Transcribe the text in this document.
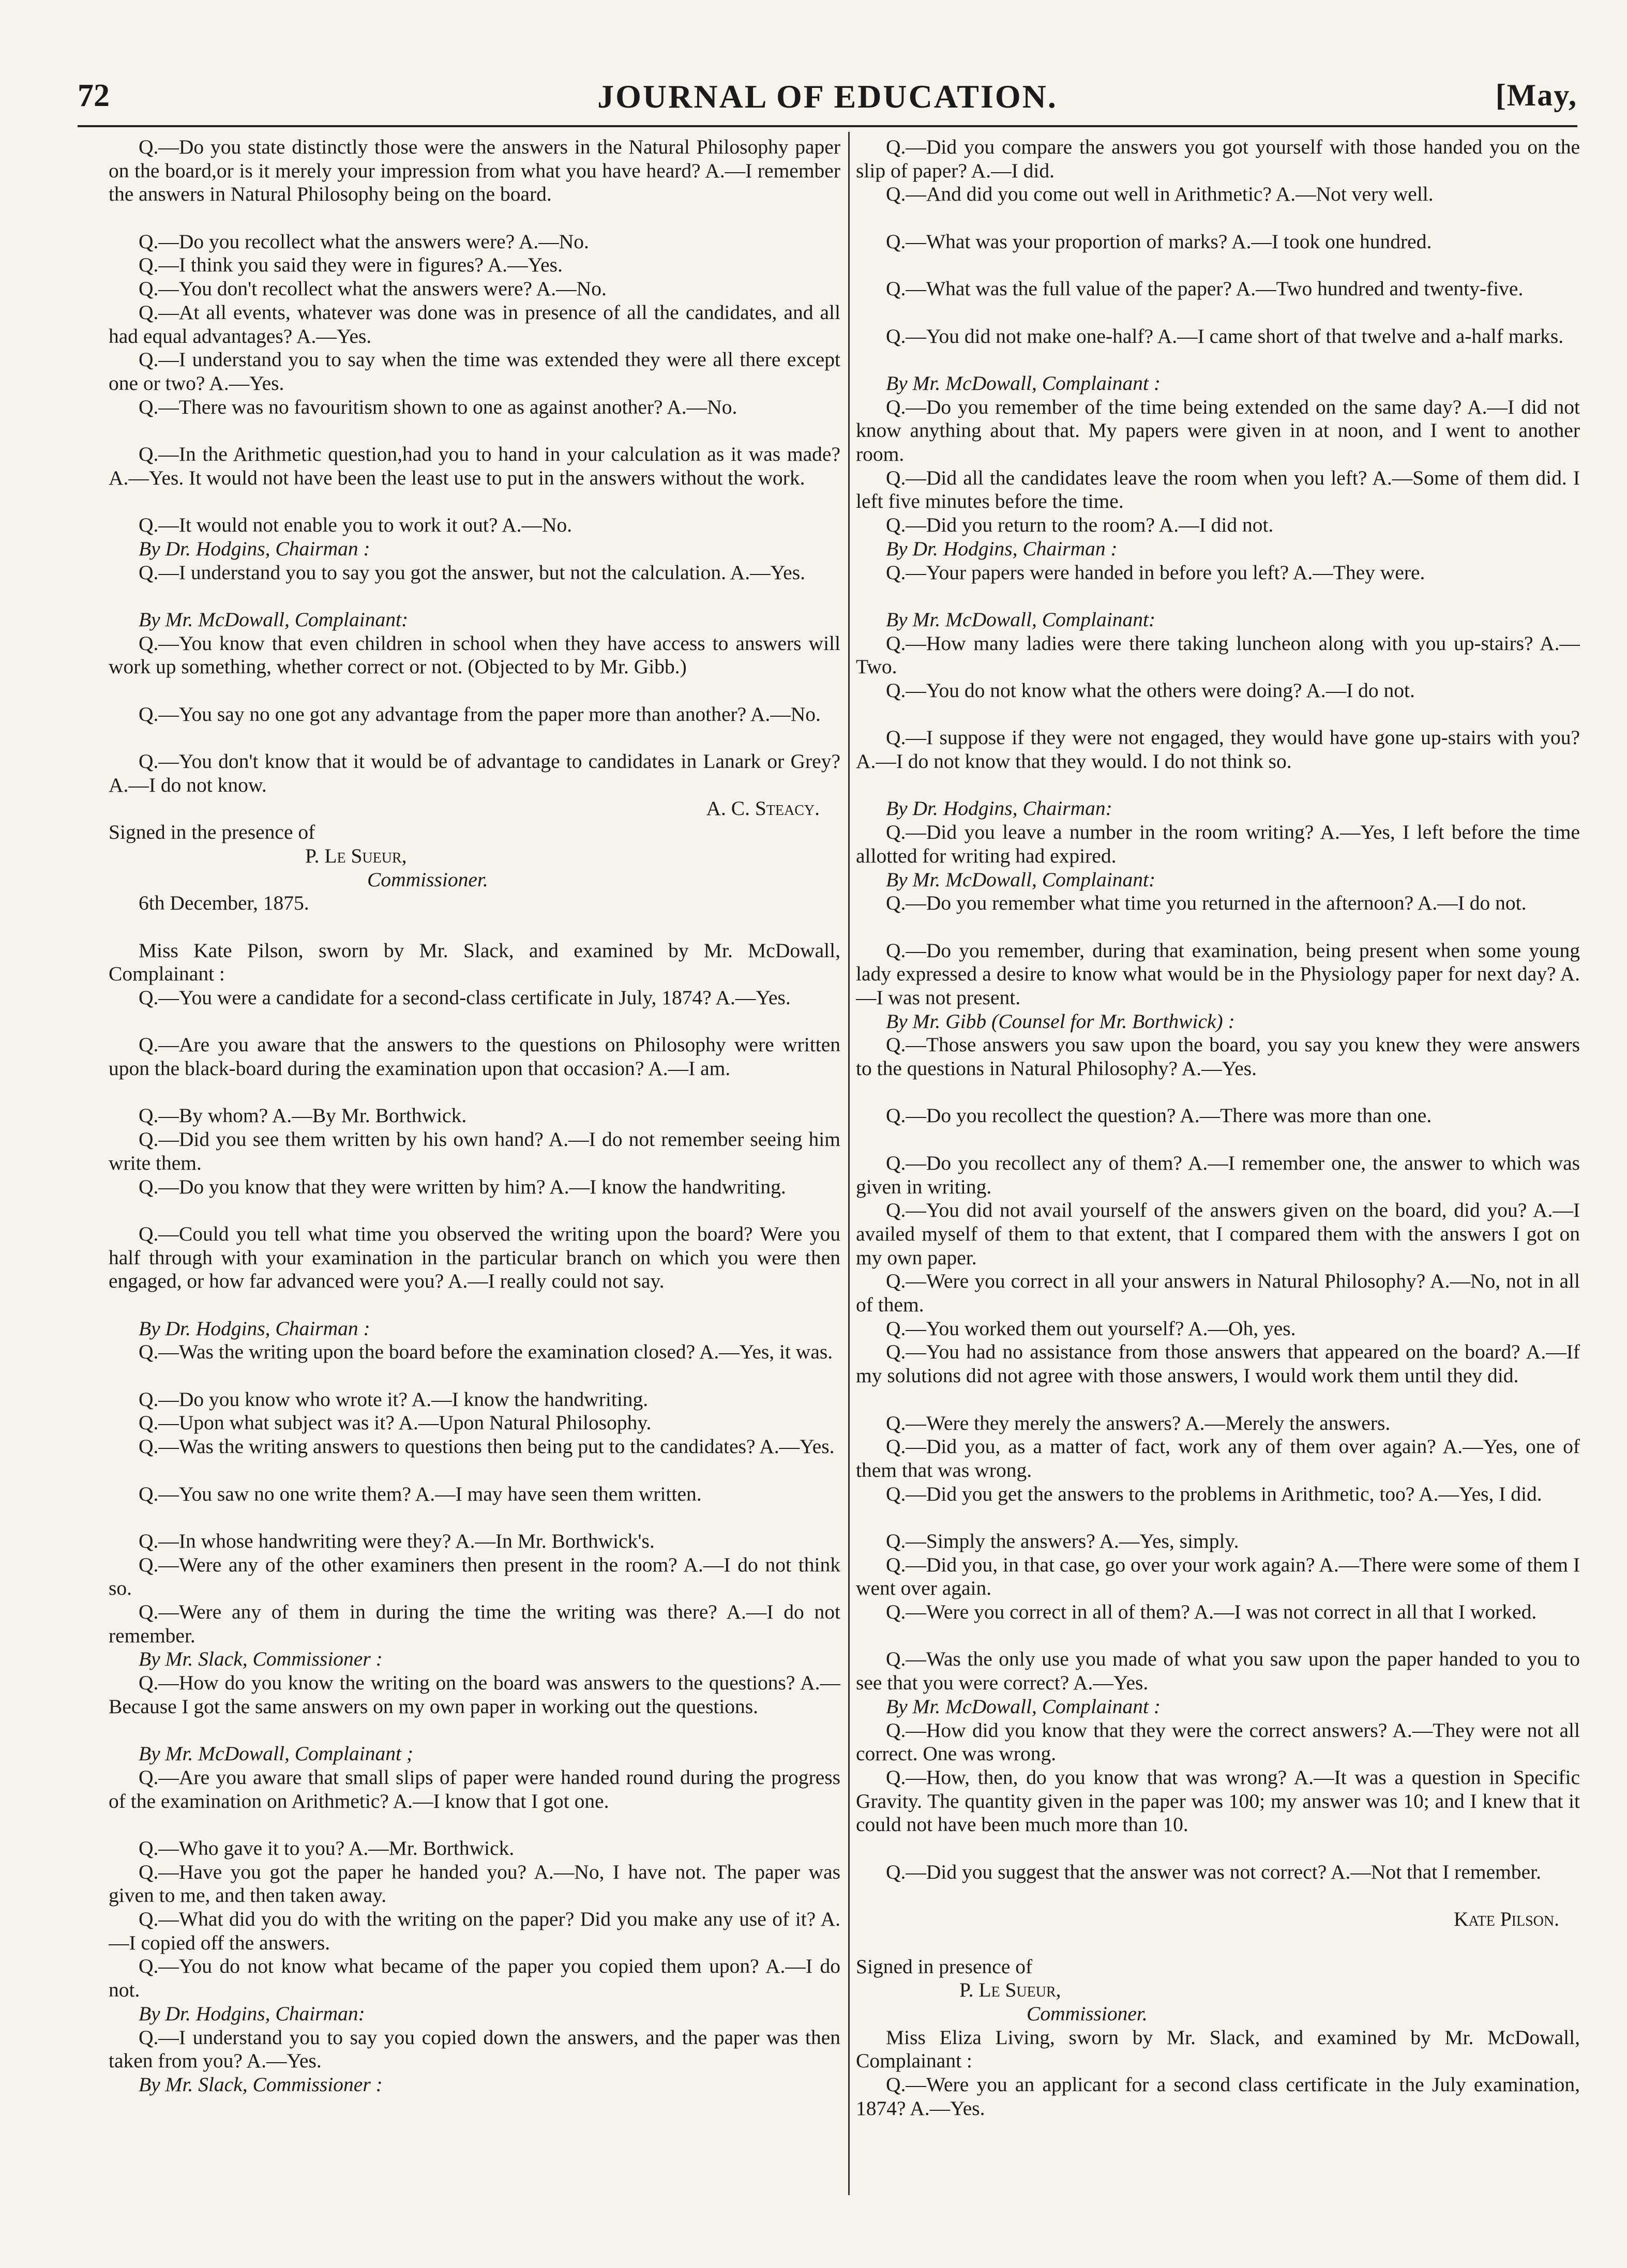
72	JOURNAL OF EDUCATION.	[May,
Q.—Do you state distinctly those were the answers in the Natural Philosophy paper on the board,or is it merely your impression from what you have heard? A.—I remember the answers in Natural Philosophy being on the board.
Q.—Do you recollect what the answers were? A.—No.
Q.—I think you said they were in figures? A.—Yes.
Q.—You don't recollect what the answers were? A.—No.
Q.—At all events, whatever was done was in presence of all the candidates, and all had equal advantages? A.—Yes.
Q.—I understand you to say when the time was extended they were all there except one or two? A.—Yes.
Q.—There was no favouritism shown to one as against another? A.—No.
Q.—In the Arithmetic question,had you to hand in your calculation as it was made? A.—Yes. It would not have been the least use to put in the answers without the work.
Q.—It would not enable you to work it out? A.—No.
By Dr. Hodgins, Chairman :
Q.—I understand you to say you got the answer, but not the calculation. A.—Yes.
By Mr. McDowall, Complainant:
Q.—You know that even children in school when they have access to answers will work up something, whether correct or not. (Objected to by Mr. Gibb.)
Q.—You say no one got any advantage from the paper more than another? A.—No.
Q.—You don't know that it would be of advantage to candidates in Lanark or Grey? A.—I do not know.
A. C. Steacy.
Signed in the presence of
P. Le Sueur,
Commissioner.
6th December, 1875.
Miss Kate Pilson, sworn by Mr. Slack, and examined by Mr. McDowall, Complainant :
Q.—You were a candidate for a second-class certificate in July, 1874? A.—Yes.
Q.—Are you aware that the answers to the questions on Philosophy were written upon the black-board during the examination upon that occasion? A.—I am.
Q.—By whom? A.—By Mr. Borthwick.
Q.—Did you see them written by his own hand? A.—I do not remember seeing him write them.
Q.—Do you know that they were written by him? A.—I know the handwriting.
Q.—Could you tell what time you observed the writing upon the board? Were you half through with your examination in the particular branch on which you were then engaged, or how far advanced were you? A.—I really could not say.
By Dr. Hodgins, Chairman :
Q.—Was the writing upon the board before the examination closed? A.—Yes, it was.
Q.—Do you know who wrote it? A.—I know the handwriting.
Q.—Upon what subject was it? A.—Upon Natural Philosophy.
Q.—Was the writing answers to questions then being put to the candidates? A.—Yes.
Q.—You saw no one write them? A.—I may have seen them written.
Q.—In whose handwriting were they? A.—In Mr. Borthwick's.
Q.—Were any of the other examiners then present in the room? A.—I do not think so.
Q.—Were any of them in during the time the writing was there? A.—I do not remember.
By Mr. Slack, Commissioner :
Q.—How do you know the writing on the board was answers to the questions? A.—Because I got the same answers on my own paper in working out the questions.
By Mr. McDowall, Complainant ;
Q.—Are you aware that small slips of paper were handed round during the progress of the examination on Arithmetic? A.—I know that I got one.
Q.—Who gave it to you? A.—Mr. Borthwick.
Q.—Have you got the paper he handed you? A.—No, I have not. The paper was given to me, and then taken away.
Q.—What did you do with the writing on the paper? Did you make any use of it? A.—I copied off the answers.
Q.—You do not know what became of the paper you copied them upon? A.—I do not.
By Dr. Hodgins, Chairman:
Q.—I understand you to say you copied down the answers, and the paper was then taken from you? A.—Yes.
By Mr. Slack, Commissioner :
Q.—Did you compare the answers you got yourself with those handed you on the slip of paper? A.—I did.
Q.—And did you come out well in Arithmetic? A.—Not very well.
Q.—What was your proportion of marks? A.—I took one hundred.
Q.—What was the full value of the paper? A.—Two hundred and twenty-five.
Q.—You did not make one-half? A.—I came short of that twelve and a-half marks.
By Mr. McDowall, Complainant :
Q.—Do you remember of the time being extended on the same day? A.—I did not know anything about that. My papers were given in at noon, and I went to another room.
Q.—Did all the candidates leave the room when you left? A.—Some of them did. I left five minutes before the time.
Q.—Did you return to the room? A.—I did not.
By Dr. Hodgins, Chairman :
Q.—Your papers were handed in before you left? A.—They were.
By Mr. McDowall, Complainant:
Q.—How many ladies were there taking luncheon along with you up-stairs? A.—Two.
Q.—You do not know what the others were doing? A.—I do not.
Q.—I suppose if they were not engaged, they would have gone up-stairs with you? A.—I do not know that they would. I do not think so.
By Dr. Hodgins, Chairman:
Q.—Did you leave a number in the room writing? A.—Yes, I left before the time allotted for writing had expired.
By Mr. McDowall, Complainant:
Q.—Do you remember what time you returned in the afternoon? A.—I do not.
Q.—Do you remember, during that examination, being present when some young lady expressed a desire to know what would be in the Physiology paper for next day? A.—I was not present.
By Mr. Gibb (Counsel for Mr. Borthwick) :
Q.—Those answers you saw upon the board, you say you knew they were answers to the questions in Natural Philosophy? A.—Yes.
Q.—Do you recollect the question? A.—There was more than one.
Q.—Do you recollect any of them? A.—I remember one, the answer to which was given in writing.
Q.—You did not avail yourself of the answers given on the board, did you? A.—I availed myself of them to that extent, that I compared them with the answers I got on my own paper.
Q.—Were you correct in all your answers in Natural Philosophy? A.—No, not in all of them.
Q.—You worked them out yourself? A.—Oh, yes.
Q.—You had no assistance from those answers that appeared on the board? A.—If my solutions did not agree with those answers, I would work them until they did.
Q.—Were they merely the answers? A.—Merely the answers.
Q.—Did you, as a matter of fact, work any of them over again? A.—Yes, one of them that was wrong.
Q.—Did you get the answers to the problems in Arithmetic, too? A.—Yes, I did.
Q.—Simply the answers? A.—Yes, simply.
Q.—Did you, in that case, go over your work again? A.—There were some of them I went over again.
Q.—Were you correct in all of them? A.—I was not correct in all that I worked.
Q.—Was the only use you made of what you saw upon the paper handed to you to see that you were correct? A.—Yes.
By Mr. McDowall, Complainant :
Q.—How did you know that they were the correct answers? A.—They were not all correct. One was wrong.
Q.—How, then, do you know that was wrong? A.—It was a question in Specific Gravity. The quantity given in the paper was 100; my answer was 10; and I knew that it could not have been much more than 10.
Q.—Did you suggest that the answer was not correct? A.—Not that I remember.
Kate Pilson.
Signed in presence of
P. Le Sueur,
Commissioner.
Miss Eliza Living, sworn by Mr. Slack, and examined by Mr. McDowall, Complainant :
Q.—Were you an applicant for a second class certificate in the July examination, 1874? A.—Yes.
